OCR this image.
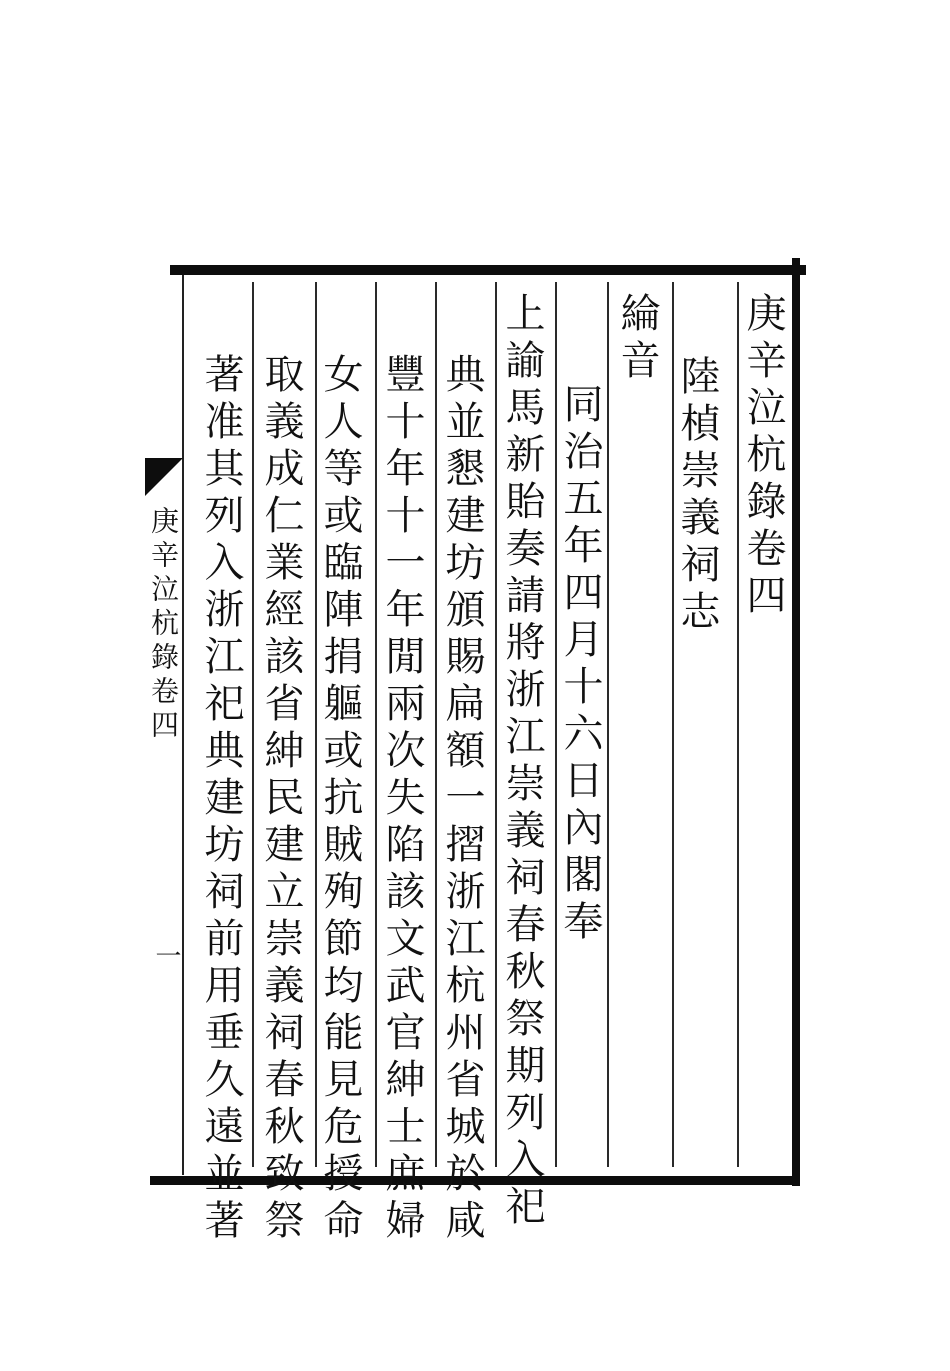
庚辛泣杭錄卷四
陸楨崇義祠志
綸音
同治五年四月十六日內閣奉
上諭馬新貽奏請將浙江崇義祠春秋祭期列入祀
典並懇建坊頒賜扁額一摺浙江杭州省城於咸
豐十年十一年閒兩次失陷該文武官紳士庶婦
女人等或臨陣捐軀或抗賊殉節均能見危授命
取義成仁業經該省紳民建立崇義祠春秋致祭
著准其列入浙江祀典建坊祠前用垂久遠並著
庚辛泣杭錄卷四
一
